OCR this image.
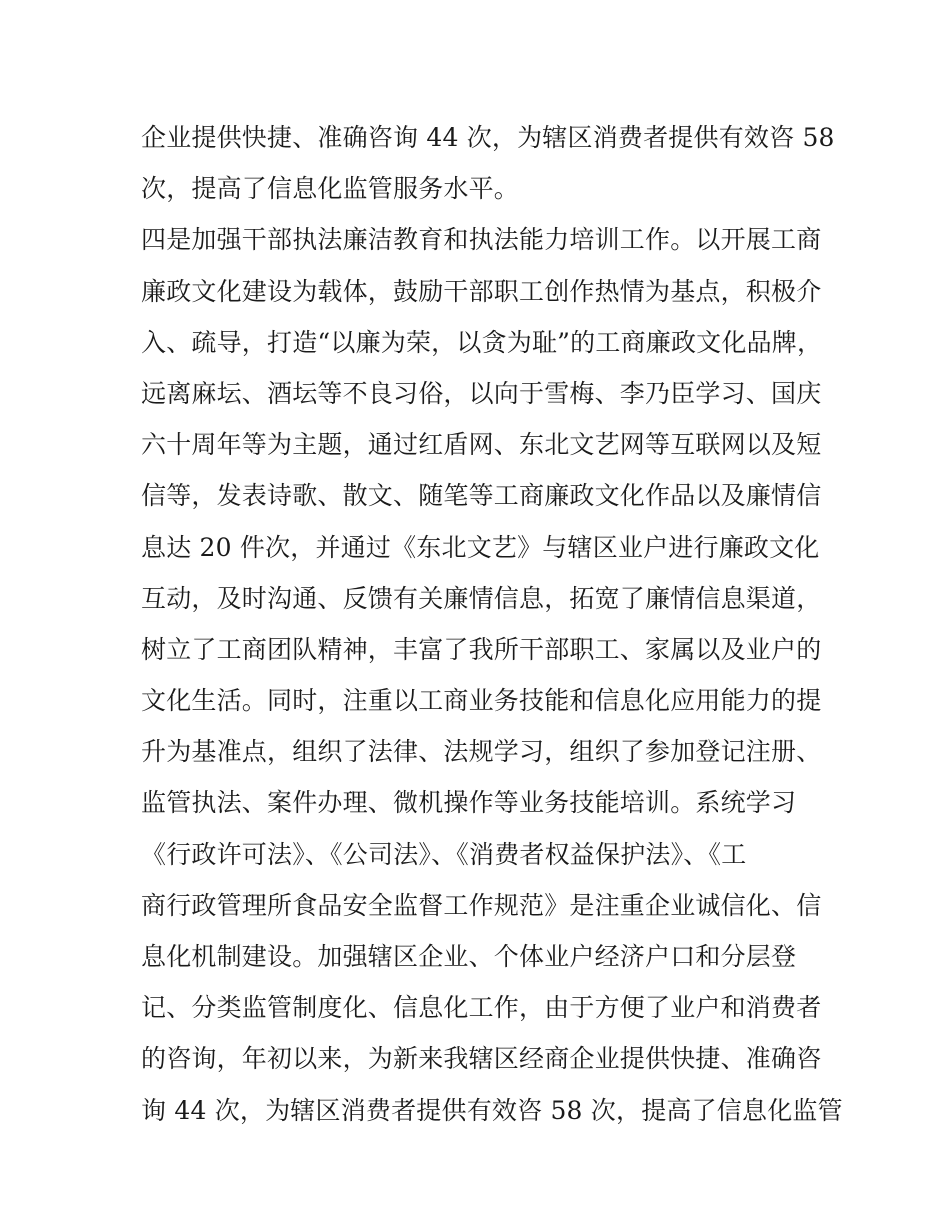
企业提供快捷、准确咨询 44 次，为辖区消费者提供有效咨 58
次，提高了信息化监管服务水平。
四是加强干部执法廉洁教育和执法能力培训工作。以开展工商
廉政文化建设为载体，鼓励干部职工创作热情为基点，积极介
入、疏导，打造“以廉为荣，以贪为耻”的工商廉政文化品牌，
远离麻坛、酒坛等不良习俗，以向于雪梅、李乃臣学习、国庆
六十周年等为主题，通过红盾网、东北文艺网等互联网以及短
信等，发表诗歌、散文、随笔等工商廉政文化作品以及廉情信
息达 20 件次，并通过《东北文艺》与辖区业户进行廉政文化
互动，及时沟通、反馈有关廉情信息，拓宽了廉情信息渠道，
树立了工商团队精神，丰富了我所干部职工、家属以及业户的
文化生活。同时，注重以工商业务技能和信息化应用能力的提
升为基准点，组织了法律、法规学习，组织了参加登记注册、
监管执法、案件办理、微机操作等业务技能培训。系统学习
《行政许可法》、《公司法》、《消费者权益保护法》、《工
商行政管理所食品安全监督工作规范》是注重企业诚信化、信
息化机制建设。加强辖区企业、个体业户经济户口和分层登
记、分类监管制度化、信息化工作，由于方便了业户和消费者
的咨询，年初以来，为新来我辖区经商企业提供快捷、准确咨
询 44 次，为辖区消费者提供有效咨 58 次，提高了信息化监管
